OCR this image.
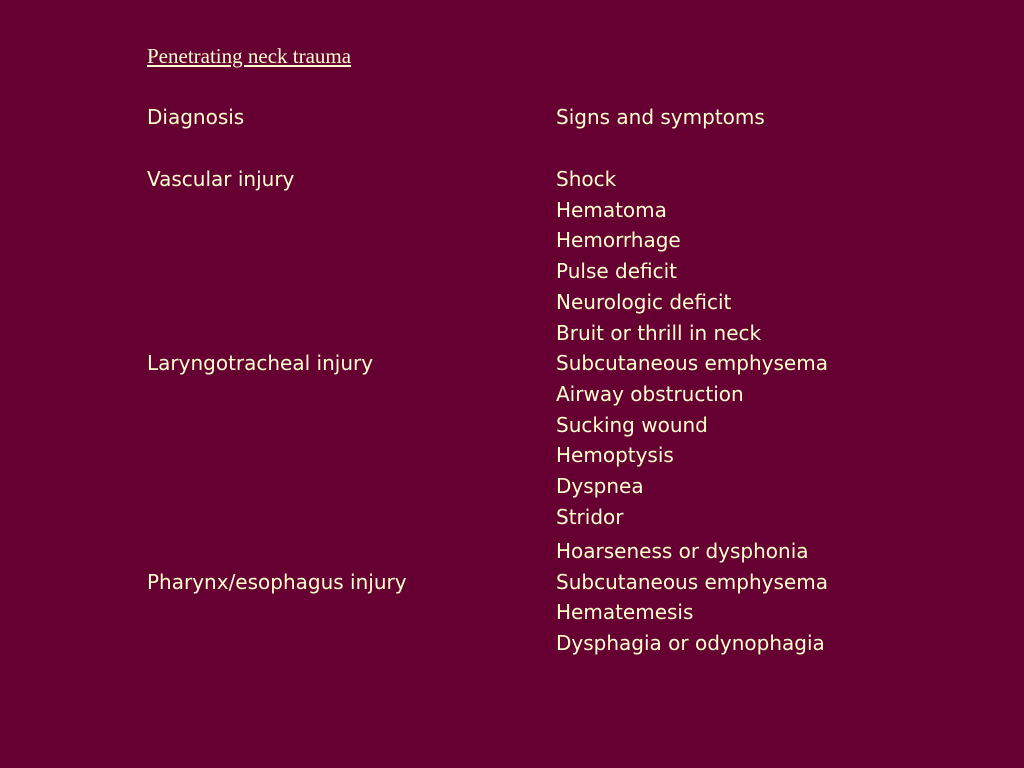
Penetrating neck trauma
Diagnosis	Signs and symptoms
Vascular injury	Shock
Hematoma
Hemorrhage
Pulse deficit
Neurologic deficit
Bruit or thrill in neck
Laryngotracheal injury	Subcutaneous emphysema
Airway obstruction
Sucking wound
Hemoptysis
Dyspnea
Stridor
Hoarseness or dysphonia
Pharynx/esophagus injury	Subcutaneous emphysema
Hematemesis
Dysphagia or odynophagia
